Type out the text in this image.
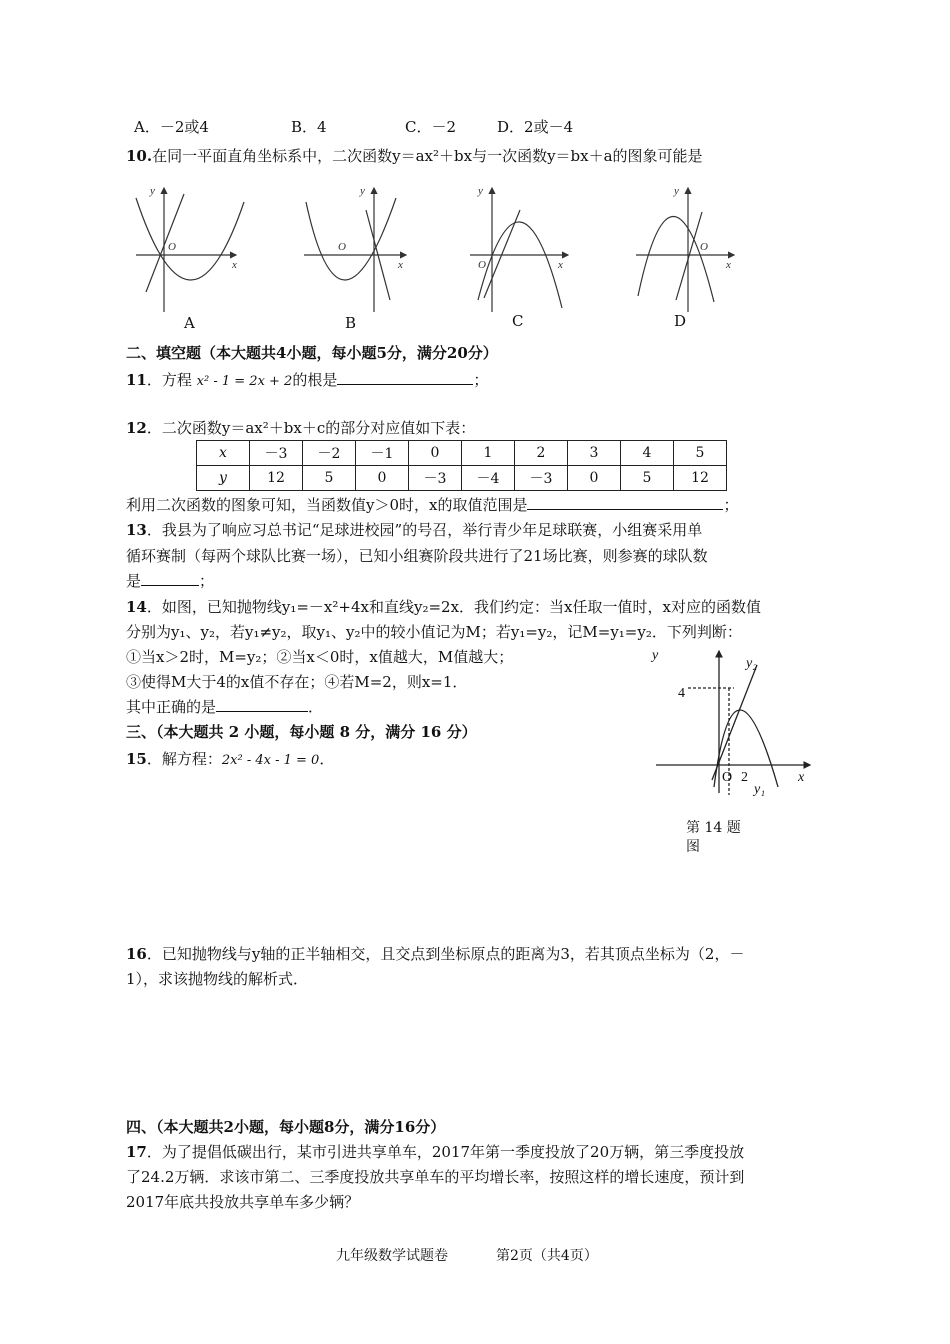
A．－2或4	B．4	C．－2	D．2或－4
10.在同一平面直角坐标系中，二次函数y＝ax²＋bx与一次函数y＝bx＋a的图象可能是
y
x
O
y
x
O
y
x
O
y
x
O
A	B	C	D
二、填空题（本大题共4小题，每小题5分，满分20分）
11．方程 x² - 1 = 2x + 2的根是	；
12．二次函数y＝ax²＋bx＋c的部分对应值如下表：
x	－3	－2	－1	0	1	2	3	4	5
y	12	5	0	－3	－4	－3	0	5	12
利用二次函数的图象可知，当函数值y＞0时，x的取值范围是	；
13．我县为了响应习总书记“足球进校园”的号召，举行青少年足球联赛，小组赛采用单
循环赛制（每两个球队比赛一场），已知小组赛阶段共进行了21场比赛，则参赛的球队数
是	；
14．如图，已知抛物线y₁=－x²+4x和直线y₂=2x．我们约定：当x任取一值时，x对应的函数值
分别为y₁、y₂，若y₁≠y₂，取y₁、y₂中的较小值记为M；若y₁=y₂，记M=y₁=y₂．下列判断：
①当x＞2时，M=y₂；②当x＜0时，x值越大，M值越大；
③使得M大于4的x值不存在；④若M=2，则x=1．
其中正确的是	．
y
x
O 2
4
y₂
y₁
第 14 题
图
三、（本大题共 2 小题，每小题 8 分，满分 16 分）
15．解方程：2x² - 4x - 1 = 0．
16．已知抛物线与y轴的正半轴相交，且交点到坐标原点的距离为3，若其顶点坐标为（2，－
1），求该抛物线的解析式．
四、（本大题共2小题，每小题8分，满分16分）
17．为了提倡低碳出行，某市引进共享单车，2017年第一季度投放了20万辆，第三季度投放
了24.2万辆．求该市第二、三季度投放共享单车的平均增长率，按照这样的增长速度，预计到
2017年底共投放共享单车多少辆？
九年级数学试题卷	第2页（共4页）
